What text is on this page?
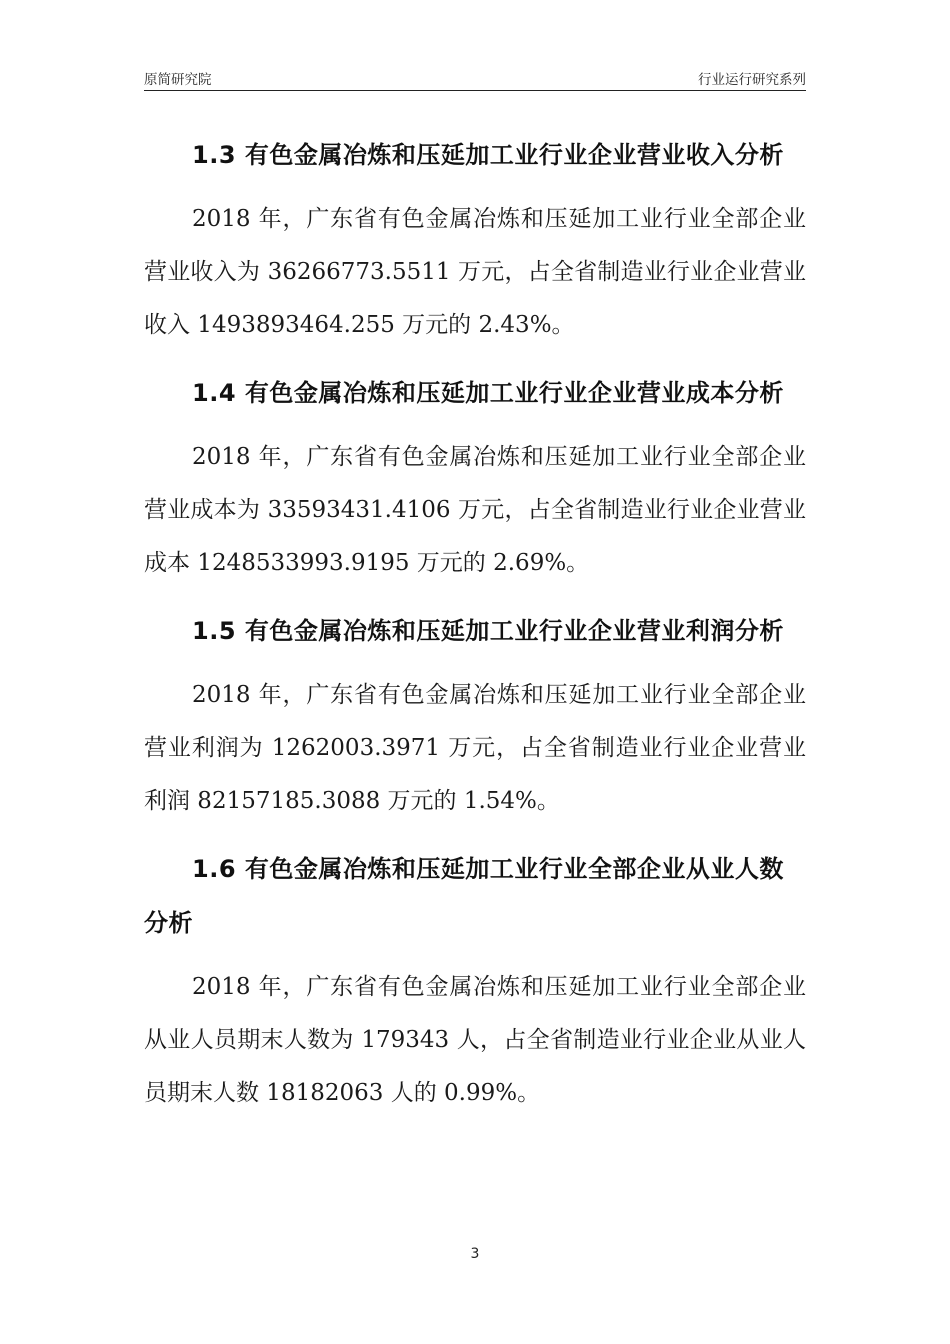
原简研究院	行业运行研究系列
1.3 有色金属冶炼和压延加工业行业企业营业收入分析

2018 年，广东省有色金属冶炼和压延加工业行业全部企业营业收入为 36266773.5511 万元，占全省制造业行业企业营业收入 1493893464.255 万元的 2.43%。

1.4 有色金属冶炼和压延加工业行业企业营业成本分析

2018 年，广东省有色金属冶炼和压延加工业行业全部企业营业成本为 33593431.4106 万元，占全省制造业行业企业营业成本 1248533993.9195 万元的 2.69%。

1.5 有色金属冶炼和压延加工业行业企业营业利润分析

2018 年，广东省有色金属冶炼和压延加工业行业全部企业营业利润为 1262003.3971 万元，占全省制造业行业企业营业利润 82157185.3088 万元的 1.54%。

1.6 有色金属冶炼和压延加工业行业全部企业从业人数分析

2018 年，广东省有色金属冶炼和压延加工业行业全部企业从业人员期末人数为 179343 人，占全省制造业行业企业从业人员期末人数 18182063 人的 0.99%。

3
